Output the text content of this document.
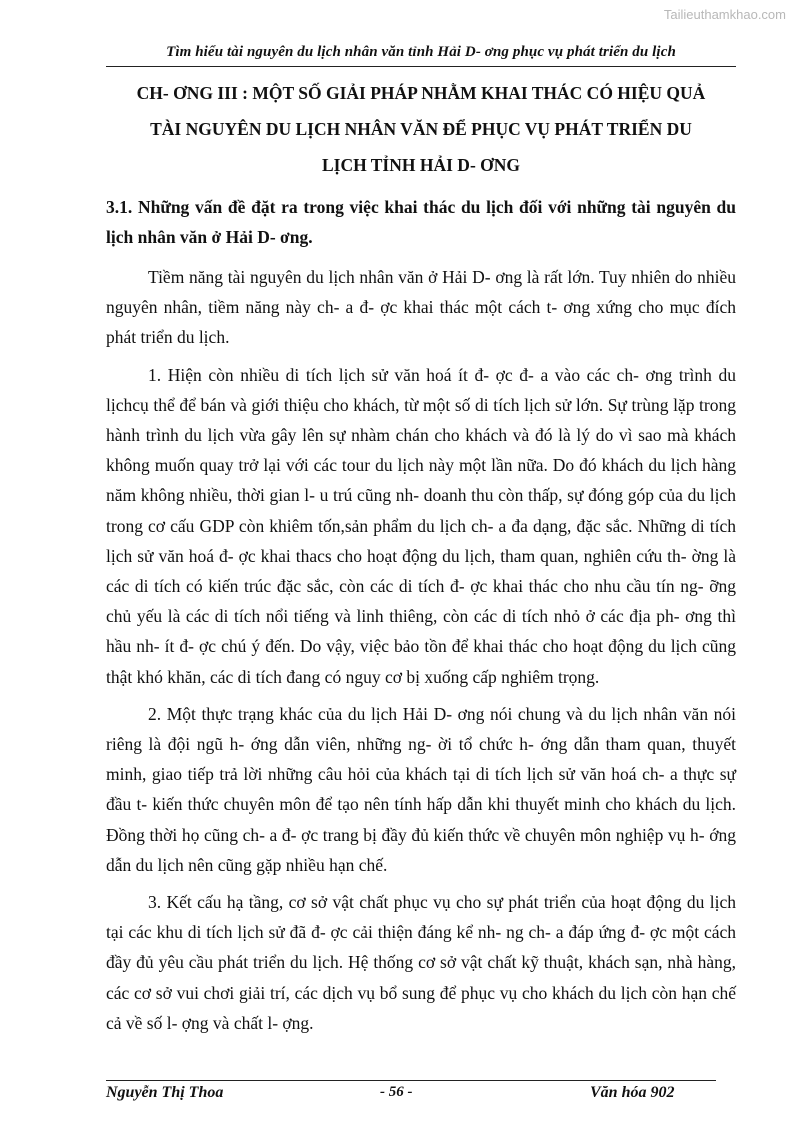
Tailieuthamkhao.com
Tìm hiểu tài nguyên du lịch nhân văn tỉnh Hải D- ơng phục vụ phát triển du lịch
CH- ƠNG III : MỘT SỐ GIẢI PHÁP NHẰM KHAI THÁC CÓ HIỆU QUẢ
TÀI NGUYÊN DU LỊCH NHÂN VĂN ĐỂ PHỤC VỤ PHÁT TRIỂN DU
LỊCH TỈNH HẢI D- ƠNG
3.1. Những vấn đề đặt ra trong việc khai thác du lịch đối với những tài nguyên du lịch nhân văn ở Hải D- ơng.

Tiềm năng tài nguyên du lịch nhân văn ở Hải D- ơng là rất lớn. Tuy nhiên do nhiều nguyên nhân, tiềm năng này ch- a đ- ợc khai thác một cách t- ơng xứng cho mục đích phát triển du lịch.

1. Hiện còn nhiều di tích lịch sử văn hoá ít đ- ợc đ- a vào các ch- ơng trình du lịchcụ thể để bán và giới thiệu cho khách, từ một số di tích lịch sử lớn. Sự trùng lặp trong hành trình du lịch vừa gây lên sự nhàm chán cho khách và đó là lý do vì sao mà khách không muốn quay trở lại với các tour du lịch này một lần nữa. Do đó khách du lịch hàng năm không nhiều, thời gian l- u trú cũng nh- doanh thu còn thấp, sự đóng góp của du lịch trong cơ cấu GDP còn khiêm tốn,sản phẩm du lịch ch- a đa dạng, đặc sắc. Những di tích lịch sử văn hoá đ- ợc khai thacs cho hoạt động du lịch, tham quan, nghiên cứu th- ờng là các di tích có kiến trúc đặc sắc, còn các di tích đ- ợc khai thác cho nhu cầu tín ng- ỡng chủ yếu là các di tích nổi tiếng và linh thiêng, còn các di tích nhỏ ở các địa ph- ơng thì hầu nh- ít đ- ợc chú ý đến. Do vậy, việc bảo tồn để khai thác cho hoạt động du lịch cũng thật khó khăn, các di tích đang có nguy cơ bị xuống cấp nghiêm trọng.

2. Một thực trạng khác của du lịch Hải D- ơng nói chung và du lịch nhân văn nói riêng là đội ngũ h- ớng dẫn viên, những ng- ời tổ chức h- ớng dẫn tham quan, thuyết minh, giao tiếp trả lời những câu hỏi của khách tại di tích lịch sử văn hoá ch- a thực sự đầu t- kiến thức chuyên môn để tạo nên tính hấp dẫn khi thuyết minh cho khách du lịch. Đồng thời họ cũng ch- a đ- ợc trang bị đầy đủ kiến thức về chuyên môn nghiệp vụ h- ớng dẫn du lịch nên cũng gặp nhiều hạn chế.

3. Kết cấu hạ tầng, cơ sở vật chất phục vụ cho sự phát triển của hoạt động du lịch tại các khu di tích lịch sử đã đ- ợc cải thiện đáng kể nh- ng ch- a đáp ứng đ- ợc một cách đầy đủ yêu cầu phát triển du lịch. Hệ thống cơ sở vật chất kỹ thuật, khách sạn, nhà hàng, các cơ sở vui chơi giải trí, các dịch vụ bổ sung để phục vụ cho khách du lịch còn hạn chế cả về số l- ợng và chất l- ợng.

Nguyễn Thị Thoa	- 56 -	Văn hóa 902
